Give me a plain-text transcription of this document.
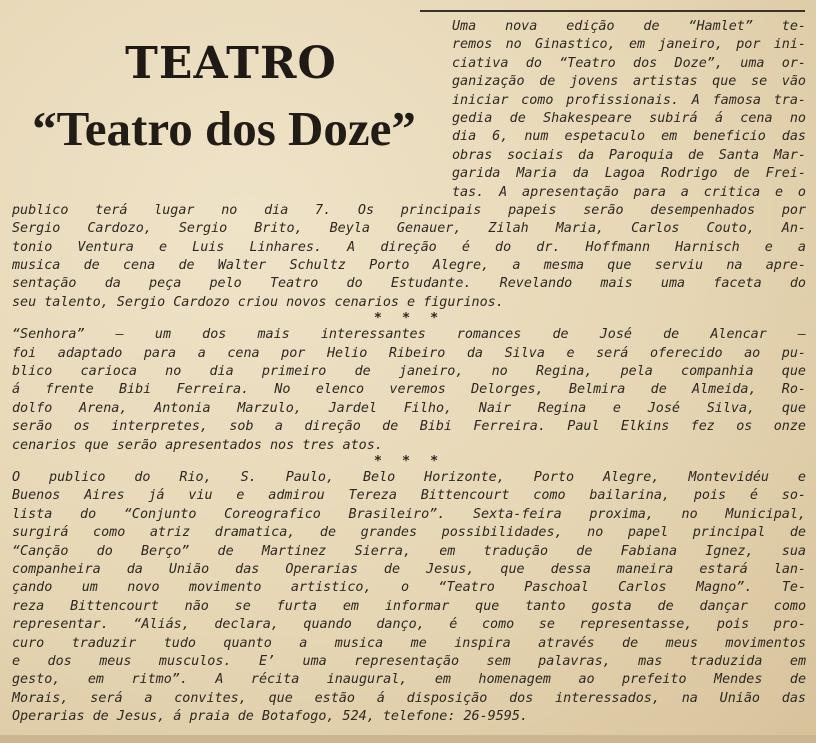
TEATRO
“Teatro dos Doze”
Uma nova edição de “Hamlet” te-
remos no Ginastico, em janeiro, por ini-
ciativa do “Teatro dos Doze”, uma or-
ganização de jovens artistas que se vão
iniciar como profissionais. A famosa tra-
gedia de Shakespeare subirá á cena no
dia 6, num espetaculo em beneficio das
obras sociais da Paroquia de Santa Mar-
garida Maria da Lagoa Rodrigo de Frei-
tas. A apresentação para a critica e o
publico terá lugar no dia 7. Os principais papeis serão desempenhados por
Sergio Cardozo, Sergio Brito, Beyla Genauer, Zilah Maria, Carlos Couto, An-
tonio Ventura e Luis Linhares. A direção é do dr. Hoffmann Harnisch e a
musica de cena de Walter Schultz Porto Alegre, a mesma que serviu na apre-
sentação da peça pelo Teatro do Estudante. Revelando mais uma faceta do
seu talento, Sergio Cardozo criou novos cenarios e figurinos.
* * *
“Senhora” — um dos mais interessantes romances de José de Alencar —
foi adaptado para a cena por Helio Ribeiro da Silva e será oferecido ao pu-
blico carioca no dia primeiro de janeiro, no Regina, pela companhia que
á frente Bibi Ferreira. No elenco veremos Delorges, Belmira de Almeida, Ro-
dolfo Arena, Antonia Marzulo, Jardel Filho, Nair Regina e José Silva, que
serão os interpretes, sob a direção de Bibi Ferreira. Paul Elkins fez os onze
cenarios que serão apresentados nos tres atos.
* * *
O publico do Rio, S. Paulo, Belo Horizonte, Porto Alegre, Montevidéu e
Buenos Aires já viu e admirou Tereza Bittencourt como bailarina, pois é so-
lista do “Conjunto Coreografico Brasileiro”. Sexta-feira proxima, no Municipal,
surgirá como atriz dramatica, de grandes possibilidades, no papel principal de
“Canção do Berço” de Martinez Sierra, em tradução de Fabiana Ignez, sua
companheira da União das Operarias de Jesus, que dessa maneira estará lan-
çando um novo movimento artistico, o “Teatro Paschoal Carlos Magno”. Te-
reza Bittencourt não se furta em informar que tanto gosta de dançar como
representar. “Aliás, declara, quando danço, é como se representasse, pois pro-
curo traduzir tudo quanto a musica me inspira através de meus movimentos
e dos meus musculos. E’ uma representação sem palavras, mas traduzida em
gesto, em ritmo”. A récita inaugural, em homenagem ao prefeito Mendes de
Morais, será a convites, que estão á disposição dos interessados, na União das
Operarias de Jesus, á praia de Botafogo, 524, telefone: 26-9595.
